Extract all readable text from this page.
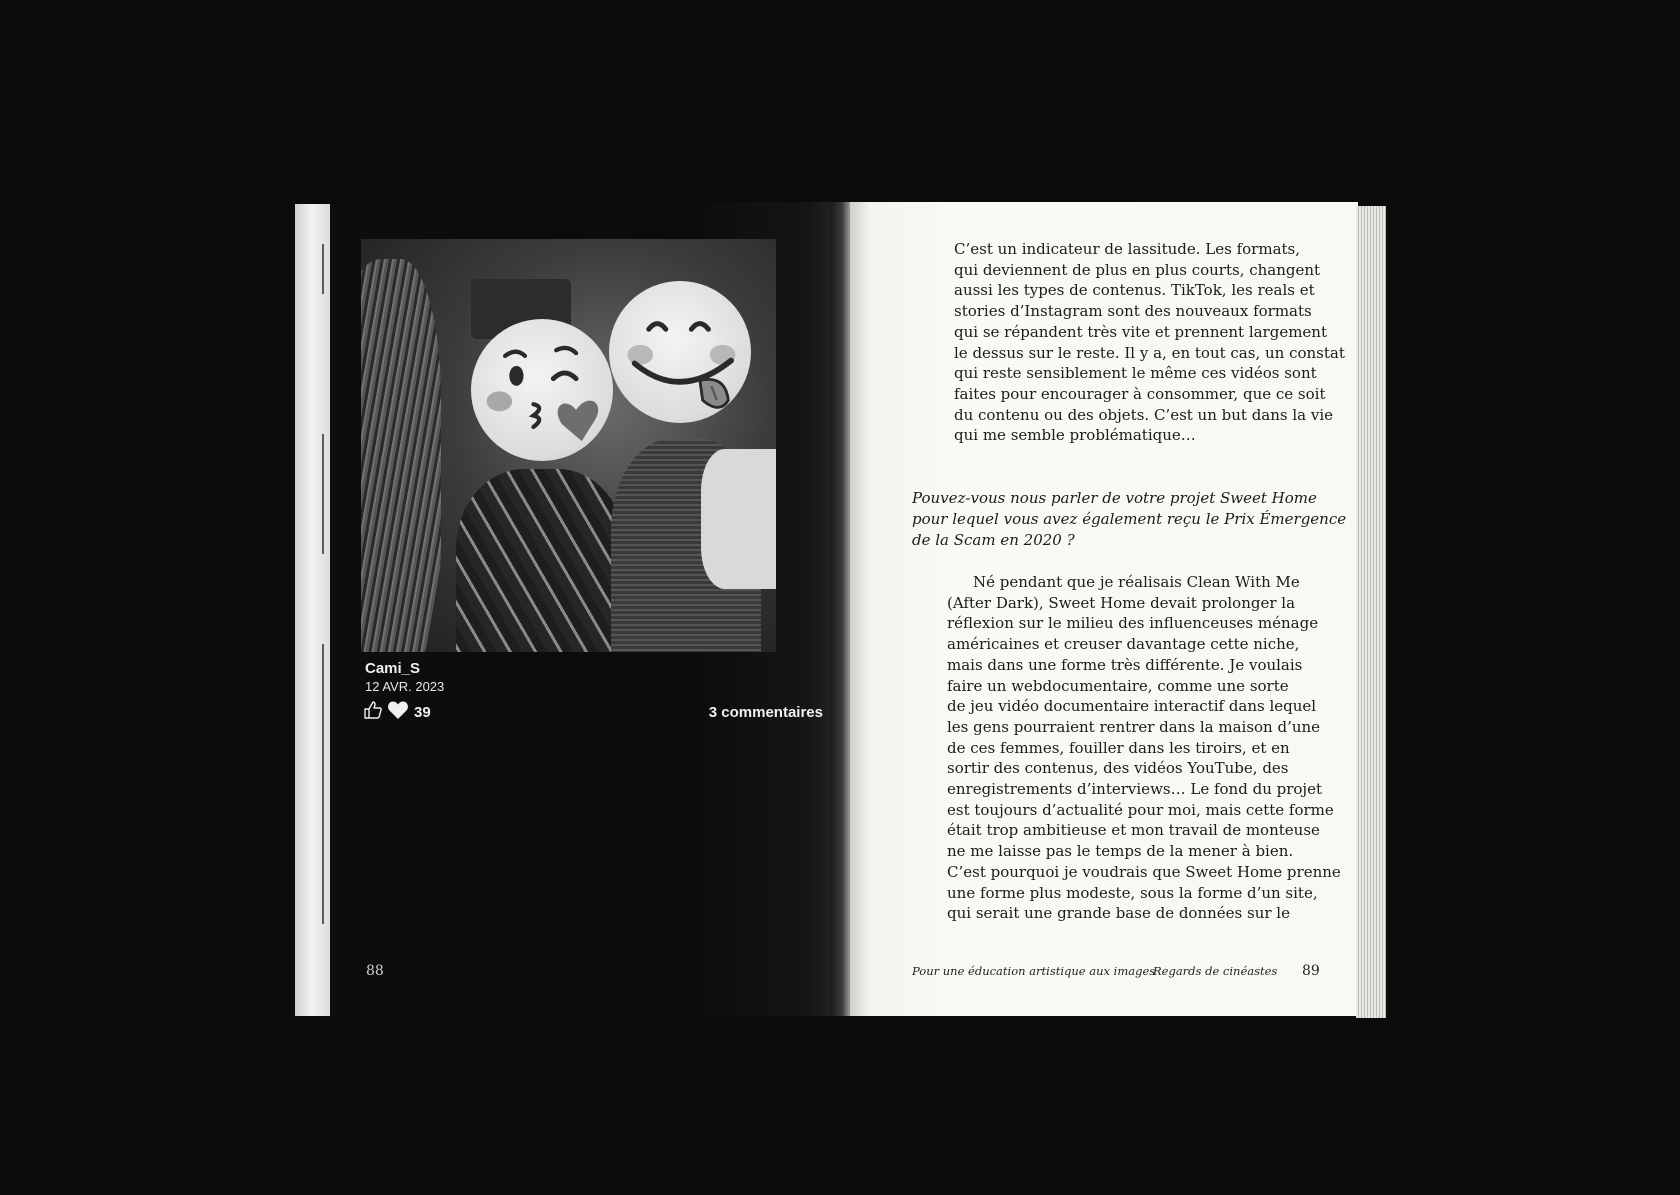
Cami_S
12 AVR. 2023
39	3 commentaires
88

C’est un indicateur de lassitude. Les formats,
qui deviennent de plus en plus courts, changent
aussi les types de contenus. TikTok, les reals et
stories d’Instagram sont des nouveaux formats
qui se répandent très vite et prennent largement
le dessus sur le reste. Il y a, en tout cas, un constat
qui reste sensiblement le même ces vidéos sont
faites pour encourager à consommer, que ce soit
du contenu ou des objets. C’est un but dans la vie
qui me semble problématique…
Pouvez-vous nous parler de votre projet Sweet Home
pour lequel vous avez également reçu le Prix Émergence
de la Scam en 2020 ?
Né pendant que je réalisais Clean With Me
(After Dark), Sweet Home devait prolonger la
réflexion sur le milieu des influenceuses ménage
américaines et creuser davantage cette niche,
mais dans une forme très différente. Je voulais
faire un webdocumentaire, comme une sorte
de jeu vidéo documentaire interactif dans lequel
les gens pourraient rentrer dans la maison d’une
de ces femmes, fouiller dans les tiroirs, et en
sortir des contenus, des vidéos YouTube, des
enregistrements d’interviews… Le fond du projet
est toujours d’actualité pour moi, mais cette forme
était trop ambitieuse et mon travail de monteuse
ne me laisse pas le temps de la mener à bien.
C’est pourquoi je voudrais que Sweet Home prenne
une forme plus modeste, sous la forme d’un site,
qui serait une grande base de données sur le
Pour une éducation artistique aux images
Regards de cinéastes 89
